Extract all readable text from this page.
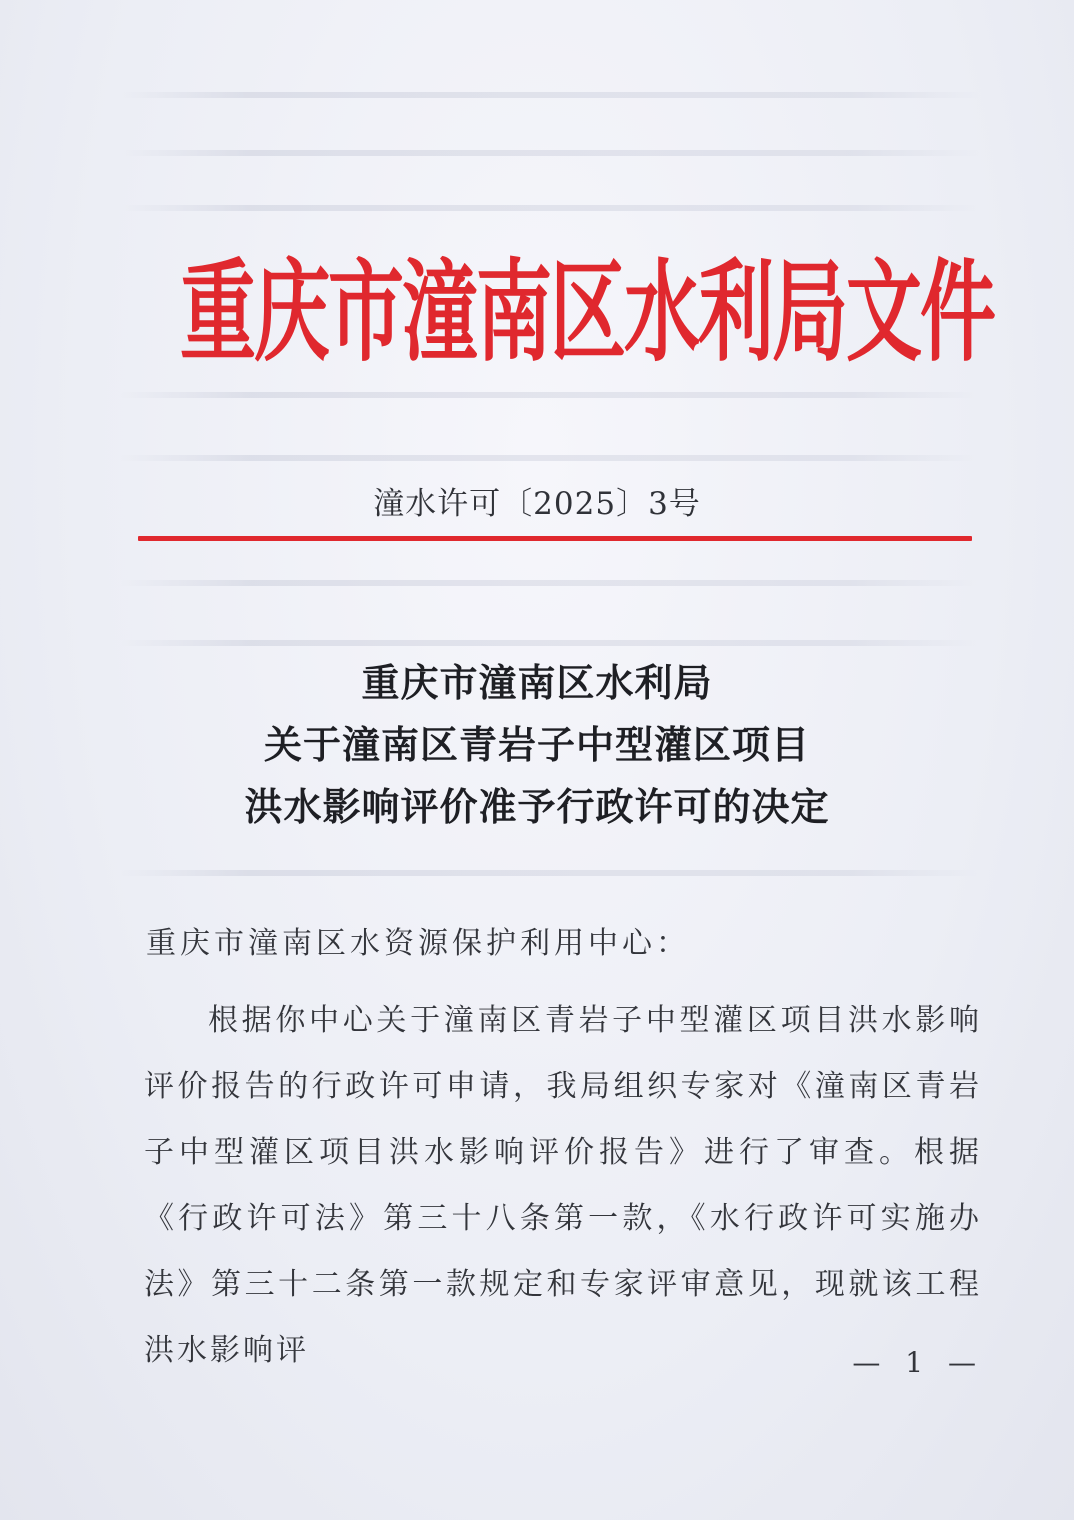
重庆市潼南区水利局文件
潼水许可〔2025〕3号
重庆市潼南区水利局
关于潼南区青岩子中型灌区项目
洪水影响评价准予行政许可的决定
重庆市潼南区水资源保护利用中心：

根据你中心关于潼南区青岩子中型灌区项目洪水影响评价报告的行政许可申请，我局组织专家对《潼南区青岩子中型灌区项目洪水影响评价报告》进行了审查。根据《行政许可法》第三十八条第一款，《水行政许可实施办法》第三十二条第一款规定和专家评审意见，现就该工程洪水影响评	— 1 —
